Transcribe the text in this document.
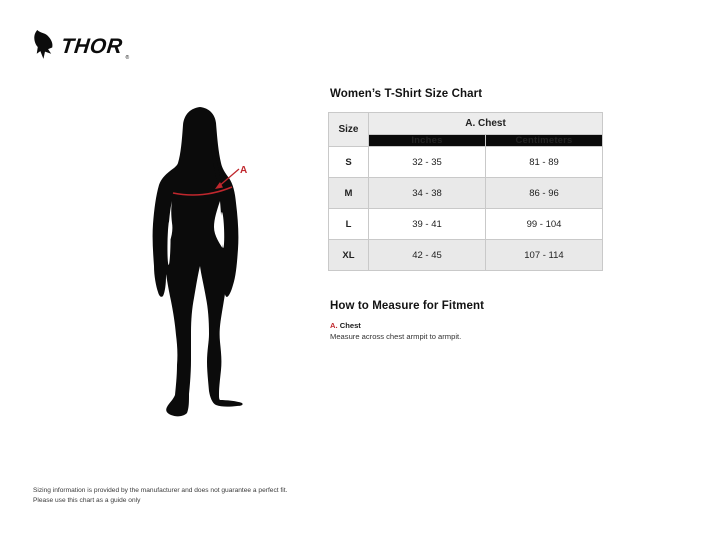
THOR ®
A
Women’s T-Shirt Size Chart
Size	A. Chest	
	Inches	Centimeters
S	32 - 35	81 - 89
M	34 - 38	86 - 96
L	39 - 41	99 - 104
XL	42 - 45	107 - 114
How to Measure for Fitment
A. Chest
Measure across chest armpit to armpit.
Sizing information is provided by the manufacturer and does not guarantee a perfect fit.
Please use this chart as a guide only
